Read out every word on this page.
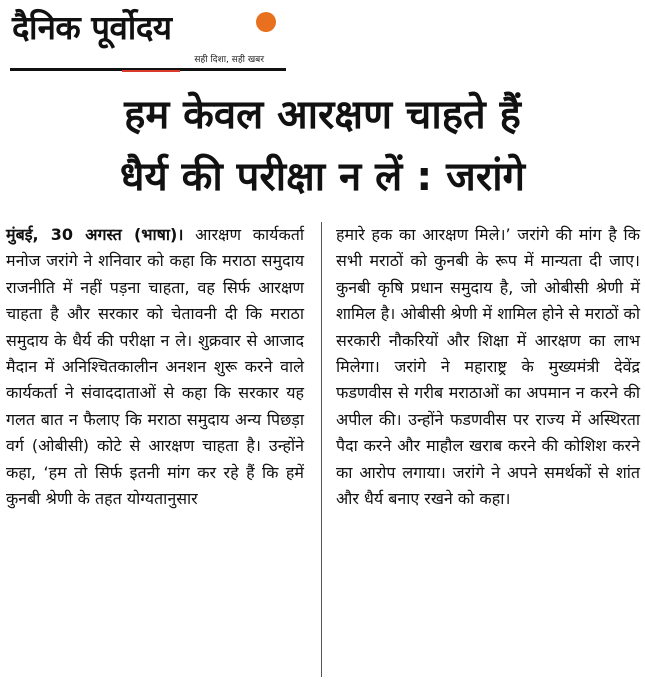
दैनिक पूर्वोदय
सही दिशा, सही खबर
हम केवल आरक्षण चाहते हैं
धैर्य की परीक्षा न लें : जरांगे

मुंबई, 30 अगस्त (भाषा)। आरक्षण कार्यकर्ता मनोज जरांगे ने शनिवार को कहा कि मराठा समुदाय राजनीति में नहीं पड़ना चाहता, वह सिर्फ आरक्षण चाहता है और सरकार को चेतावनी दी कि मराठा समुदाय के धैर्य की परीक्षा न ले। शुक्रवार से आजाद मैदान में अनिश्चितकालीन अनशन शुरू करने वाले कार्यकर्ता ने संवाददाताओं से कहा कि सरकार यह गलत बात न फैलाए कि मराठा समुदाय अन्य पिछड़ा वर्ग (ओबीसी) कोटे से आरक्षण चाहता है। उन्होंने कहा, ‘हम तो सिर्फ इतनी मांग कर रहे हैं कि हमें कुनबी श्रेणी के तहत योग्यतानुसार

हमारे हक का आरक्षण मिले।’ जरांगे की मांग है कि सभी मराठों को कुनबी के रूप में मान्यता दी जाए। कुनबी कृषि प्रधान समुदाय है, जो ओबीसी श्रेणी में शामिल है। ओबीसी श्रेणी में शामिल होने से मराठों को सरकारी नौकरियों और शिक्षा में आरक्षण का लाभ मिलेगा। जरांगे ने महाराष्ट्र के मुख्यमंत्री देवेंद्र फडणवीस से गरीब मराठाओं का अपमान न करने की अपील की। उन्होंने फडणवीस पर राज्य में अस्थिरता पैदा करने और माहौल खराब करने की कोशिश करने का आरोप लगाया। जरांगे ने अपने समर्थकों से शांत और धैर्य बनाए रखने को कहा।
